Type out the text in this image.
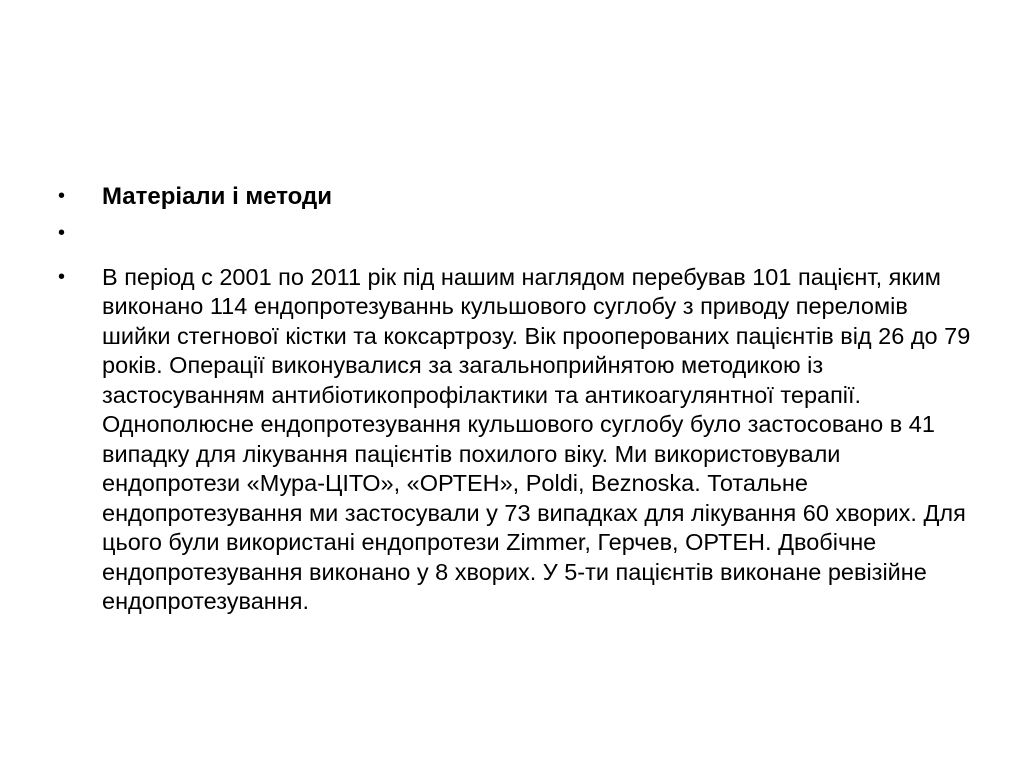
•	Матеріали і методи
•
•	В період с 2001 по 2011 рік під нашим наглядом перебував 101 пацієнт, яким виконано 114 ендопротезуваннь кульшового суглобу з приводу переломів шийки стегнової кістки та коксартрозу. Вік прооперованих пацієнтів від 26 до 79 років. Операції виконувалися за загальноприйнятою методикою із застосуванням антибіотикопрофілактики та антикоагулянтної терапії. Однополюсне ендопротезування кульшового суглобу було застосовано в 41 випадку для лікування пацієнтів похилого віку. Ми використовували ендопротези «Мура-ЦІТО», «ОРТЕН», Poldi, Beznoska. Тотальне ендопротезування ми застосували у 73 випадках для лікування 60 хворих. Для цього були використані ендопротези Zimmer, Герчев, ОРТЕН. Двобічне ендопротезування виконано у 8 хворих. У 5-ти пацієнтів виконане ревізійне ендопротезування.
